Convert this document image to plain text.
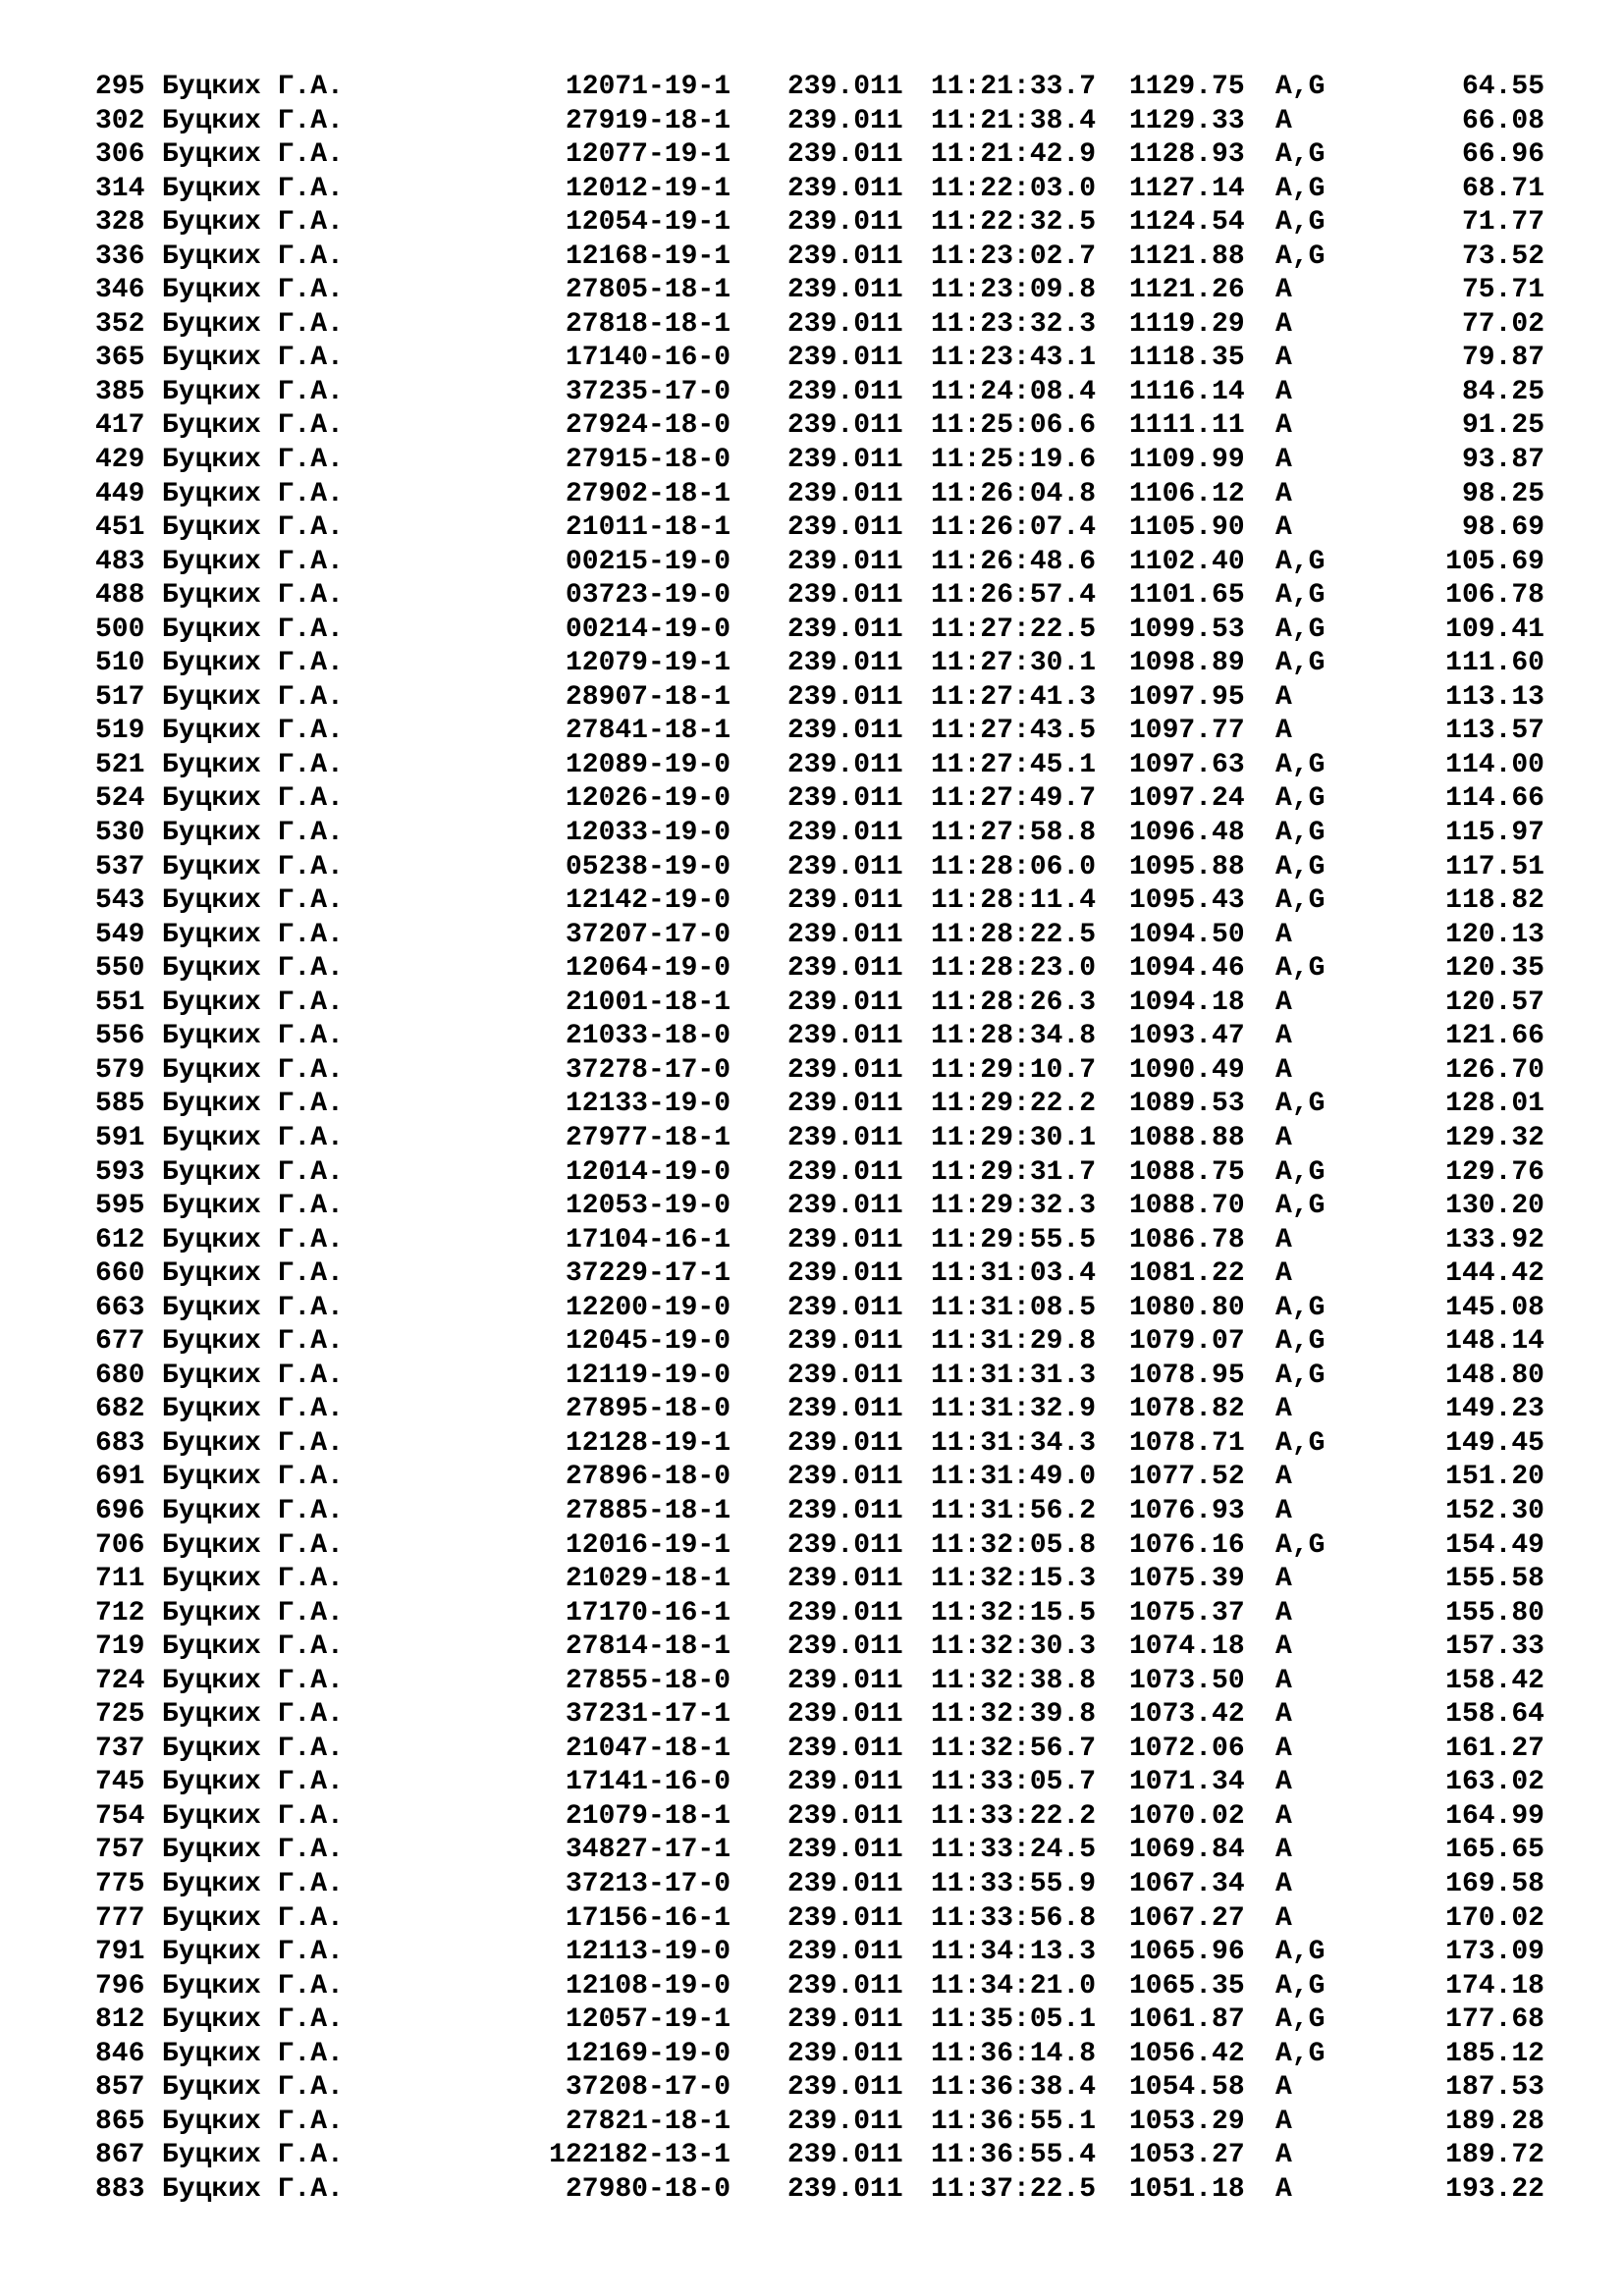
295 Буцких Г.А.	12071-19-1 239.011 11:21:33.7 1129.75 A,G	64.55
302 Буцких Г.А.	27919-18-1 239.011 11:21:38.4 1129.33 A	66.08
306 Буцких Г.А.	12077-19-1 239.011 11:21:42.9 1128.93 A,G	66.96
314 Буцких Г.А.	12012-19-1 239.011 11:22:03.0 1127.14 A,G	68.71
328 Буцких Г.А.	12054-19-1 239.011 11:22:32.5 1124.54 A,G	71.77
336 Буцких Г.А.	12168-19-1 239.011 11:23:02.7 1121.88 A,G	73.52
346 Буцких Г.А.	27805-18-1 239.011 11:23:09.8 1121.26 A	75.71
352 Буцких Г.А.	27818-18-1 239.011 11:23:32.3 1119.29 A	77.02
365 Буцких Г.А.	17140-16-0 239.011 11:23:43.1 1118.35 A	79.87
385 Буцких Г.А.	37235-17-0 239.011 11:24:08.4 1116.14 A	84.25
417 Буцких Г.А.	27924-18-0 239.011 11:25:06.6 1111.11 A	91.25
429 Буцких Г.А.	27915-18-0 239.011 11:25:19.6 1109.99 A	93.87
449 Буцких Г.А.	27902-18-1 239.011 11:26:04.8 1106.12 A	98.25
451 Буцких Г.А.	21011-18-1 239.011 11:26:07.4 1105.90 A	98.69
483 Буцких Г.А.	00215-19-0 239.011 11:26:48.6 1102.40 A,G	105.69
488 Буцких Г.А.	03723-19-0 239.011 11:26:57.4 1101.65 A,G	106.78
500 Буцких Г.А.	00214-19-0 239.011 11:27:22.5 1099.53 A,G	109.41
510 Буцких Г.А.	12079-19-1 239.011 11:27:30.1 1098.89 A,G	111.60
517 Буцких Г.А.	28907-18-1 239.011 11:27:41.3 1097.95 A	113.13
519 Буцких Г.А.	27841-18-1 239.011 11:27:43.5 1097.77 A	113.57
521 Буцких Г.А.	12089-19-0 239.011 11:27:45.1 1097.63 A,G	114.00
524 Буцких Г.А.	12026-19-0 239.011 11:27:49.7 1097.24 A,G	114.66
530 Буцких Г.А.	12033-19-0 239.011 11:27:58.8 1096.48 A,G	115.97
537 Буцких Г.А.	05238-19-0 239.011 11:28:06.0 1095.88 A,G	117.51
543 Буцких Г.А.	12142-19-0 239.011 11:28:11.4 1095.43 A,G	118.82
549 Буцких Г.А.	37207-17-0 239.011 11:28:22.5 1094.50 A	120.13
550 Буцких Г.А.	12064-19-0 239.011 11:28:23.0 1094.46 A,G	120.35
551 Буцких Г.А.	21001-18-1 239.011 11:28:26.3 1094.18 A	120.57
556 Буцких Г.А.	21033-18-0 239.011 11:28:34.8 1093.47 A	121.66
579 Буцких Г.А.	37278-17-0 239.011 11:29:10.7 1090.49 A	126.70
585 Буцких Г.А.	12133-19-0 239.011 11:29:22.2 1089.53 A,G	128.01
591 Буцких Г.А.	27977-18-1 239.011 11:29:30.1 1088.88 A	129.32
593 Буцких Г.А.	12014-19-0 239.011 11:29:31.7 1088.75 A,G	129.76
595 Буцких Г.А.	12053-19-0 239.011 11:29:32.3 1088.70 A,G	130.20
612 Буцких Г.А.	17104-16-1 239.011 11:29:55.5 1086.78 A	133.92
660 Буцких Г.А.	37229-17-1 239.011 11:31:03.4 1081.22 A	144.42
663 Буцких Г.А.	12200-19-0 239.011 11:31:08.5 1080.80 A,G	145.08
677 Буцких Г.А.	12045-19-0 239.011 11:31:29.8 1079.07 A,G	148.14
680 Буцких Г.А.	12119-19-0 239.011 11:31:31.3 1078.95 A,G	148.80
682 Буцких Г.А.	27895-18-0 239.011 11:31:32.9 1078.82 A	149.23
683 Буцких Г.А.	12128-19-1 239.011 11:31:34.3 1078.71 A,G	149.45
691 Буцких Г.А.	27896-18-0 239.011 11:31:49.0 1077.52 A	151.20
696 Буцких Г.А.	27885-18-1 239.011 11:31:56.2 1076.93 A	152.30
706 Буцких Г.А.	12016-19-1 239.011 11:32:05.8 1076.16 A,G	154.49
711 Буцких Г.А.	21029-18-1 239.011 11:32:15.3 1075.39 A	155.58
712 Буцких Г.А.	17170-16-1 239.011 11:32:15.5 1075.37 A	155.80
719 Буцких Г.А.	27814-18-1 239.011 11:32:30.3 1074.18 A	157.33
724 Буцких Г.А.	27855-18-0 239.011 11:32:38.8 1073.50 A	158.42
725 Буцких Г.А.	37231-17-1 239.011 11:32:39.8 1073.42 A	158.64
737 Буцких Г.А.	21047-18-1 239.011 11:32:56.7 1072.06 A	161.27
745 Буцких Г.А.	17141-16-0 239.011 11:33:05.7 1071.34 A	163.02
754 Буцких Г.А.	21079-18-1 239.011 11:33:22.2 1070.02 A	164.99
757 Буцких Г.А.	34827-17-1 239.011 11:33:24.5 1069.84 A	165.65
775 Буцких Г.А.	37213-17-0 239.011 11:33:55.9 1067.34 A	169.58
777 Буцких Г.А.	17156-16-1 239.011 11:33:56.8 1067.27 A	170.02
791 Буцких Г.А.	12113-19-0 239.011 11:34:13.3 1065.96 A,G	173.09
796 Буцких Г.А.	12108-19-0 239.011 11:34:21.0 1065.35 A,G	174.18
812 Буцких Г.А.	12057-19-1 239.011 11:35:05.1 1061.87 A,G	177.68
846 Буцких Г.А.	12169-19-0 239.011 11:36:14.8 1056.42 A,G	185.12
857 Буцких Г.А.	37208-17-0 239.011 11:36:38.4 1054.58 A	187.53
865 Буцких Г.А.	27821-18-1 239.011 11:36:55.1 1053.29 A	189.28
867 Буцких Г.А.	122182-13-1 239.011 11:36:55.4 1053.27 A	189.72
883 Буцких Г.А.	27980-18-0 239.011 11:37:22.5 1051.18 A	193.22
